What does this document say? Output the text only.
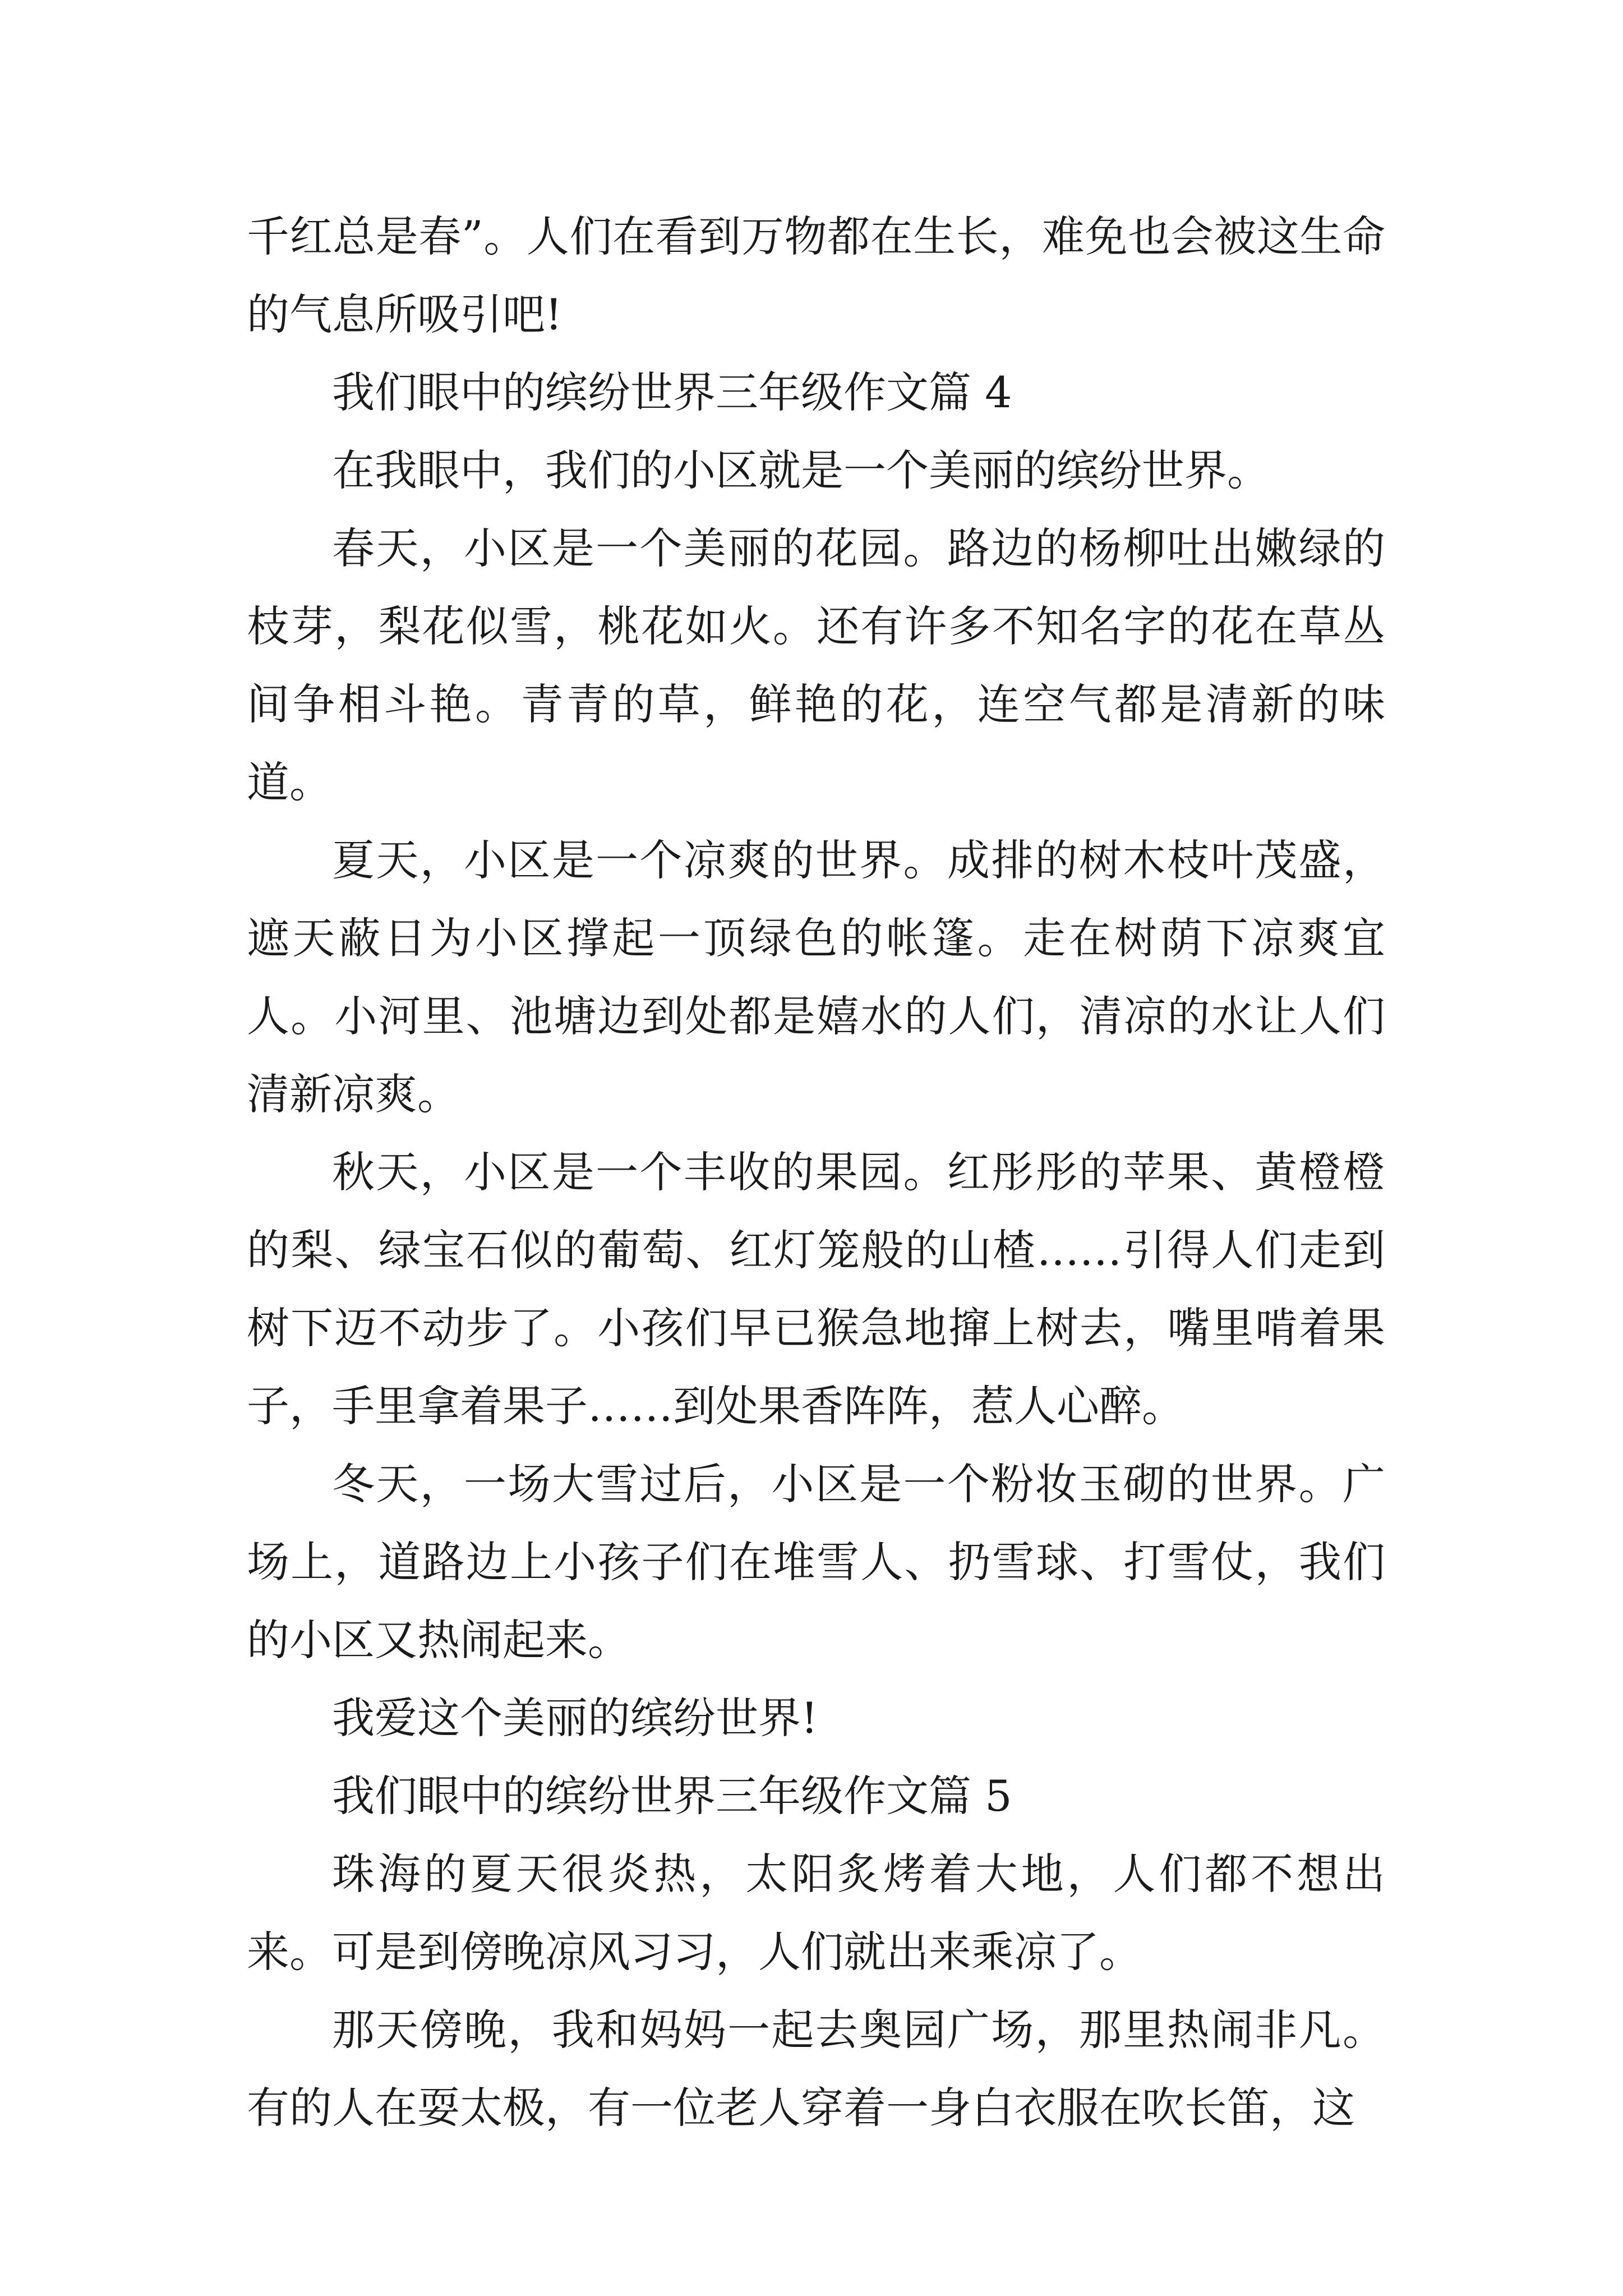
千红总是春”。人们在看到万物都在生长，难免也会被这生命的气息所吸引吧!

我们眼中的缤纷世界三年级作文篇 4

在我眼中，我们的小区就是一个美丽的缤纷世界。

春天，小区是一个美丽的花园。路边的杨柳吐出嫩绿的枝芽，梨花似雪，桃花如火。还有许多不知名字的花在草丛间争相斗艳。青青的草，鲜艳的花，连空气都是清新的味道。

夏天，小区是一个凉爽的世界。成排的树木枝叶茂盛，遮天蔽日为小区撑起一顶绿色的帐篷。走在树荫下凉爽宜人。小河里、池塘边到处都是嬉水的人们，清凉的水让人们清新凉爽。

秋天，小区是一个丰收的果园。红彤彤的苹果、黄橙橙的梨、绿宝石似的葡萄、红灯笼般的山楂……引得人们走到树下迈不动步了。小孩们早已猴急地撺上树去，嘴里啃着果子，手里拿着果子……到处果香阵阵，惹人心醉。

冬天，一场大雪过后，小区是一个粉妆玉砌的世界。广场上，道路边上小孩子们在堆雪人、扔雪球、打雪仗，我们的小区又热闹起来。

我爱这个美丽的缤纷世界!

我们眼中的缤纷世界三年级作文篇 5

珠海的夏天很炎热，太阳炙烤着大地，人们都不想出来。可是到傍晚凉风习习，人们就出来乘凉了。

那天傍晚，我和妈妈一起去奥园广场，那里热闹非凡。有的人在耍太极，有一位老人穿着一身白衣服在吹长笛，这
